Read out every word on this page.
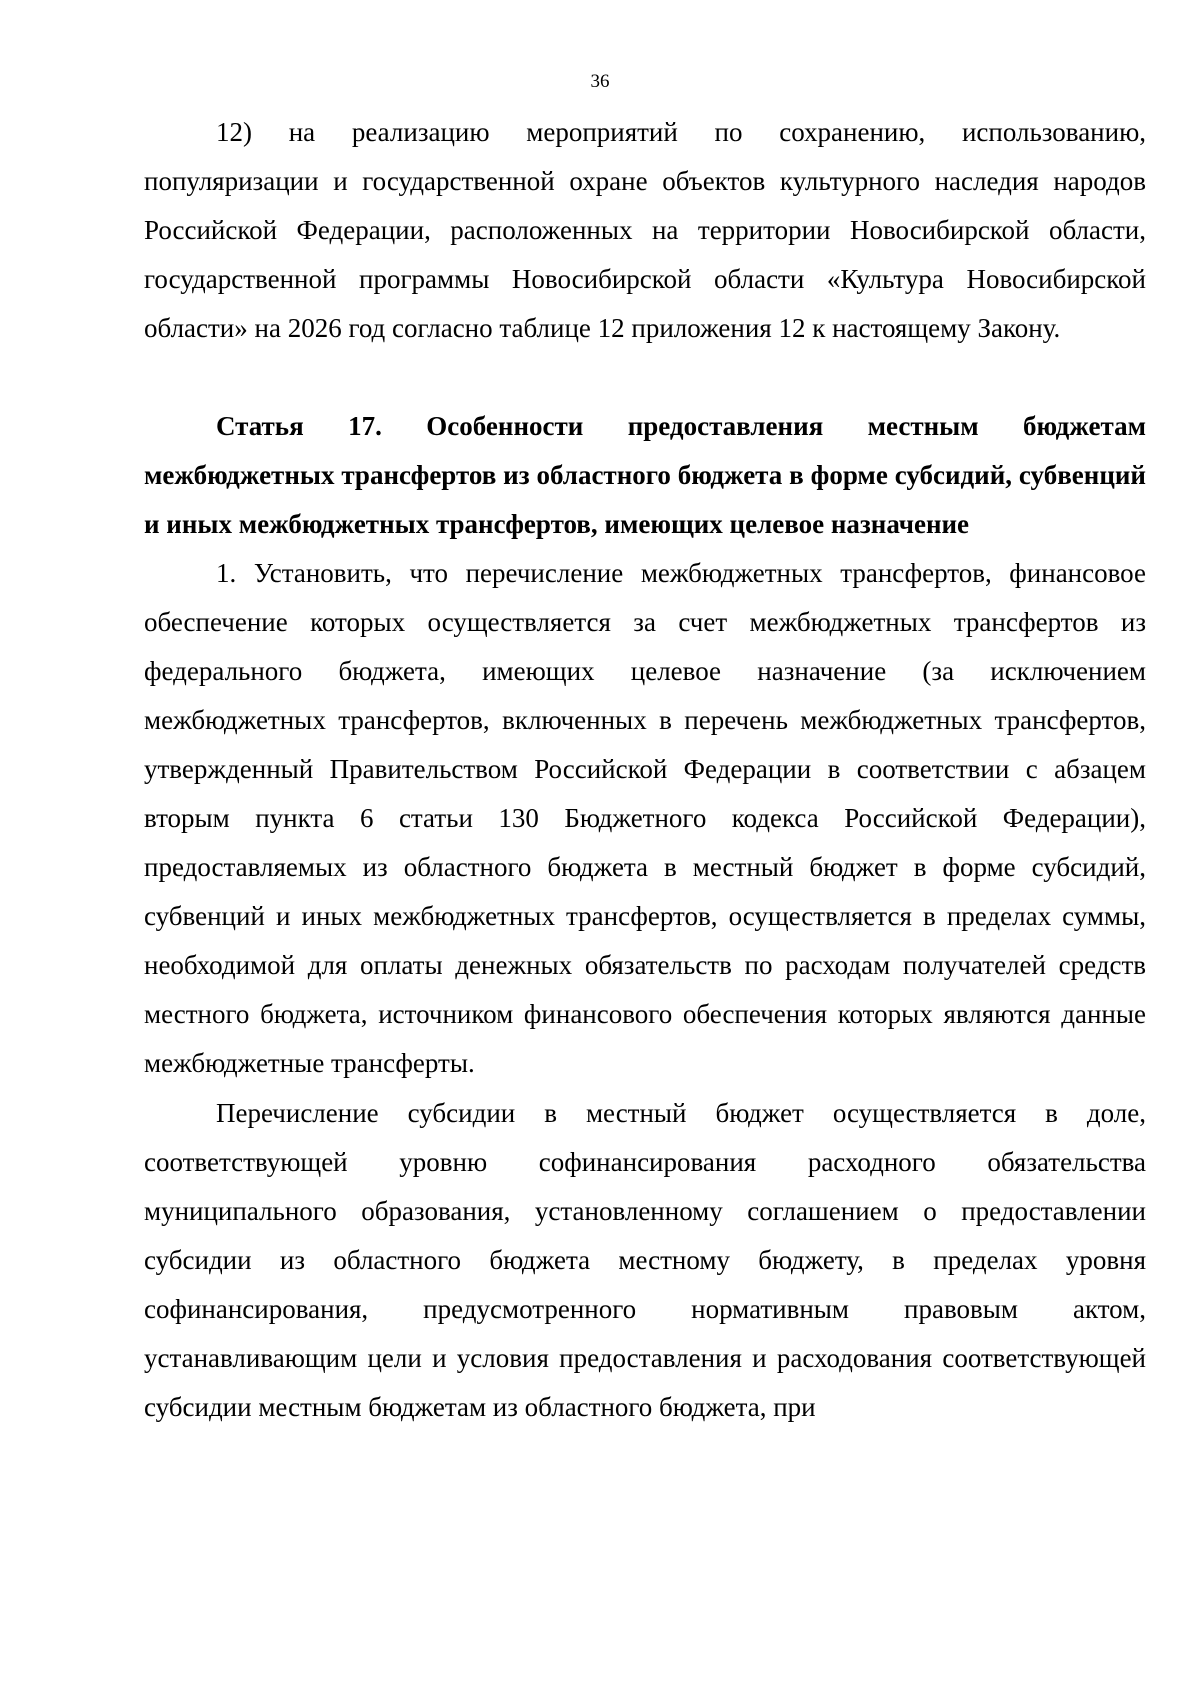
36

12) на реализацию мероприятий по сохранению, использованию, популяризации и государственной охране объектов культурного наследия народов Российской Федерации, расположенных на территории Новосибирской области, государственной программы Новосибирской области «Культура Новосибирской области» на 2026 год согласно таблице 12 приложения 12 к настоящему Закону.

Статья 17. Особенности предоставления местным бюджетам межбюджетных трансфертов из областного бюджета в форме субсидий, субвенций и иных межбюджетных трансфертов, имеющих целевое назначение

1. Установить, что перечисление межбюджетных трансфертов, финансовое обеспечение которых осуществляется за счет межбюджетных трансфертов из федерального бюджета, имеющих целевое назначение (за исключением межбюджетных трансфертов, включенных в перечень межбюджетных трансфертов, утвержденный Правительством Российской Федерации в соответствии с абзацем вторым пункта 6 статьи 130 Бюджетного кодекса Российской Федерации), предоставляемых из областного бюджета в местный бюджет в форме субсидий, субвенций и иных межбюджетных трансфертов, осуществляется в пределах суммы, необходимой для оплаты денежных обязательств по расходам получателей средств местного бюджета, источником финансового обеспечения которых являются данные межбюджетные трансферты.

Перечисление субсидии в местный бюджет осуществляется в доле, соответствующей уровню софинансирования расходного обязательства муниципального образования, установленному соглашением о предоставлении субсидии из областного бюджета местному бюджету, в пределах уровня софинансирования, предусмотренного нормативным правовым актом, устанавливающим цели и условия предоставления и расходования соответствующей субсидии местным бюджетам из областного бюджета, при
